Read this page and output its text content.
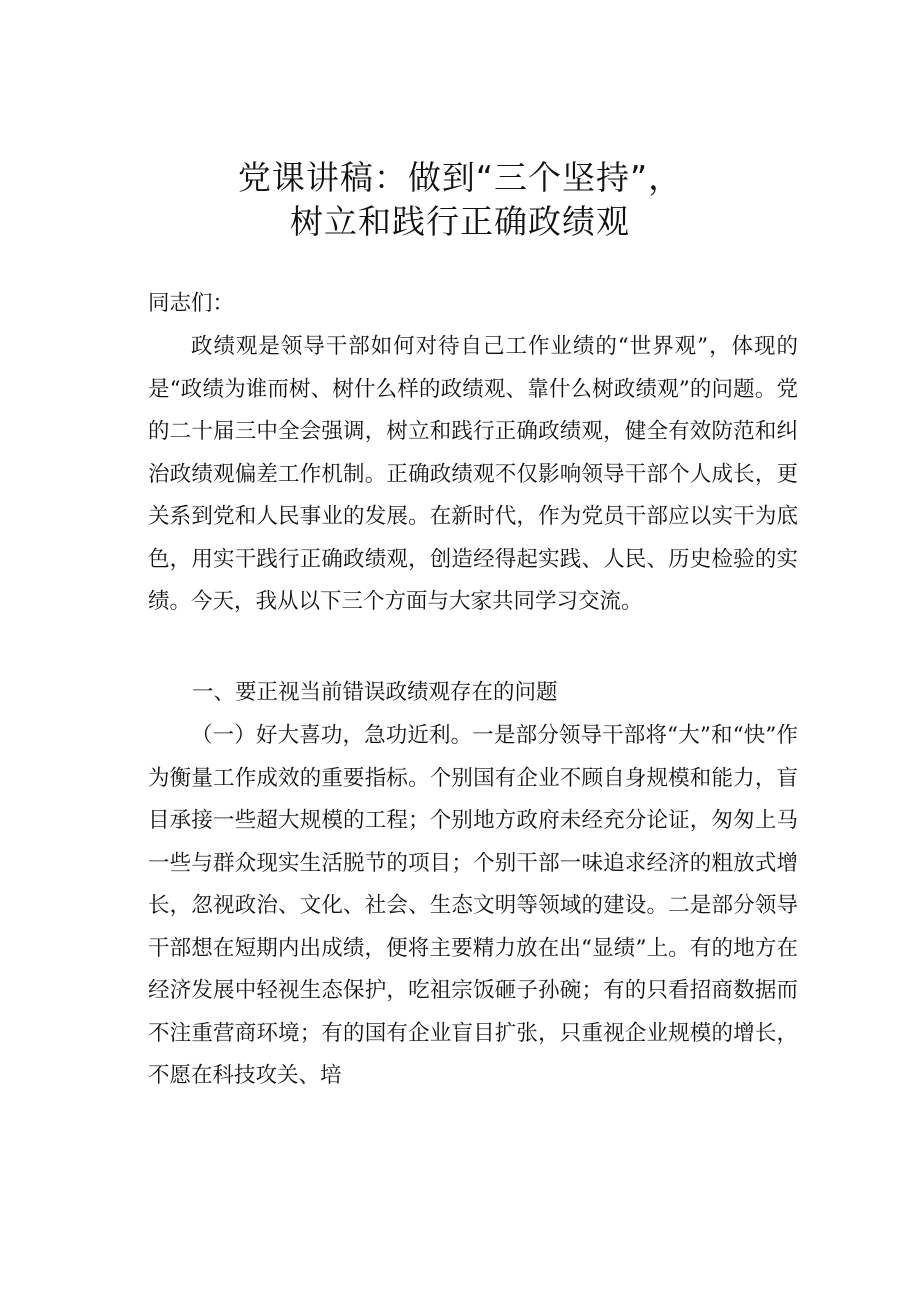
党课讲稿：做到“三个坚持”，
树立和践行正确政绩观
同志们：
政绩观是领导干部如何对待自己工作业绩的“世界观”，体现的是“政绩为谁而树、树什么样的政绩观、靠什么树政绩观”的问题。党的二十届三中全会强调，树立和践行正确政绩观，健全有效防范和纠治政绩观偏差工作机制。正确政绩观不仅影响领导干部个人成长，更关系到党和人民事业的发展。在新时代，作为党员干部应以实干为底色，用实干践行正确政绩观，创造经得起实践、人民、历史检验的实绩。今天，我从以下三个方面与大家共同学习交流。
一、要正视当前错误政绩观存在的问题
（一）好大喜功，急功近利。一是部分领导干部将“大”和“快”作为衡量工作成效的重要指标。个别国有企业不顾自身规模和能力，盲目承接一些超大规模的工程；个别地方政府未经充分论证，匆匆上马一些与群众现实生活脱节的项目；个别干部一味追求经济的粗放式增长，忽视政治、文化、社会、生态文明等领域的建设。二是部分领导干部想在短期内出成绩，便将主要精力放在出“显绩”上。有的地方在经济发展中轻视生态保护，吃祖宗饭砸子孙碗；有的只看招商数据而不注重营商环境；有的国有企业盲目扩张，只重视企业规模的增长，不愿在科技攻关、培
